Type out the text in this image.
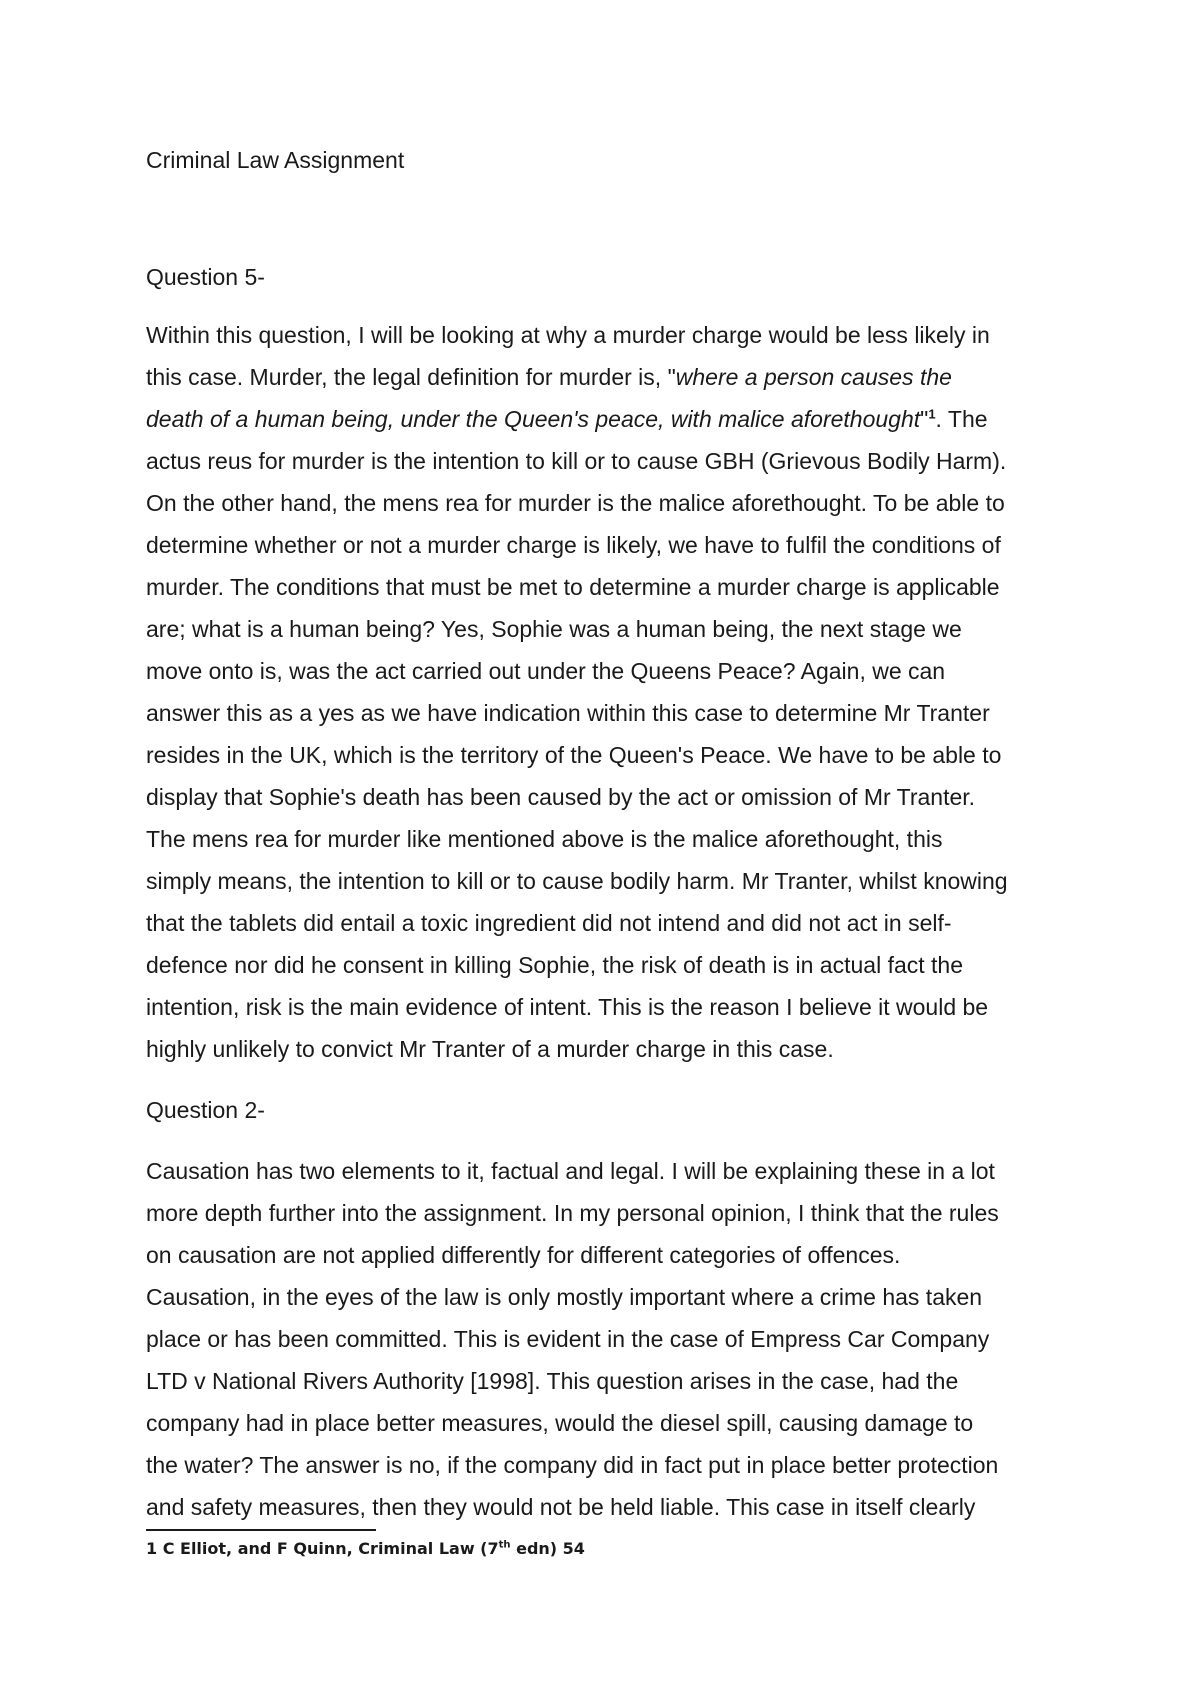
Criminal Law Assignment
Question 5-
Within this question, I will be looking at why a murder charge would be less likely in
this case. Murder, the legal definition for murder is, "where a person causes the
death of a human being, under the Queen's peace, with malice aforethought"$^1$. The
actus reus for murder is the intention to kill or to cause GBH (Grievous Bodily Harm).
On the other hand, the mens rea for murder is the malice aforethought. To be able to
determine whether or not a murder charge is likely, we have to fulfil the conditions of
murder. The conditions that must be met to determine a murder charge is applicable
are; what is a human being? Yes, Sophie was a human being, the next stage we
move onto is, was the act carried out under the Queens Peace? Again, we can
answer this as a yes as we have indication within this case to determine Mr Tranter
resides in the UK, which is the territory of the Queen's Peace. We have to be able to
display that Sophie's death has been caused by the act or omission of Mr Tranter.
The mens rea for murder like mentioned above is the malice aforethought, this
simply means, the intention to kill or to cause bodily harm. Mr Tranter, whilst knowing
that the tablets did entail a toxic ingredient did not intend and did not act in self-
defence nor did he consent in killing Sophie, the risk of death is in actual fact the
intention, risk is the main evidence of intent. This is the reason I believe it would be
highly unlikely to convict Mr Tranter of a murder charge in this case.
Question 2-
Causation has two elements to it, factual and legal. I will be explaining these in a lot
more depth further into the assignment. In my personal opinion, I think that the rules
on causation are not applied differently for different categories of offences.
Causation, in the eyes of the law is only mostly important where a crime has taken
place or has been committed. This is evident in the case of Empress Car Company
LTD v National Rivers Authority [1998]. This question arises in the case, had the
company had in place better measures, would the diesel spill, causing damage to
the water? The answer is no, if the company did in fact put in place better protection
and safety measures, then they would not be held liable. This case in itself clearly

1 C Elliot, and F Quinn, Criminal Law (7th edn) 54
